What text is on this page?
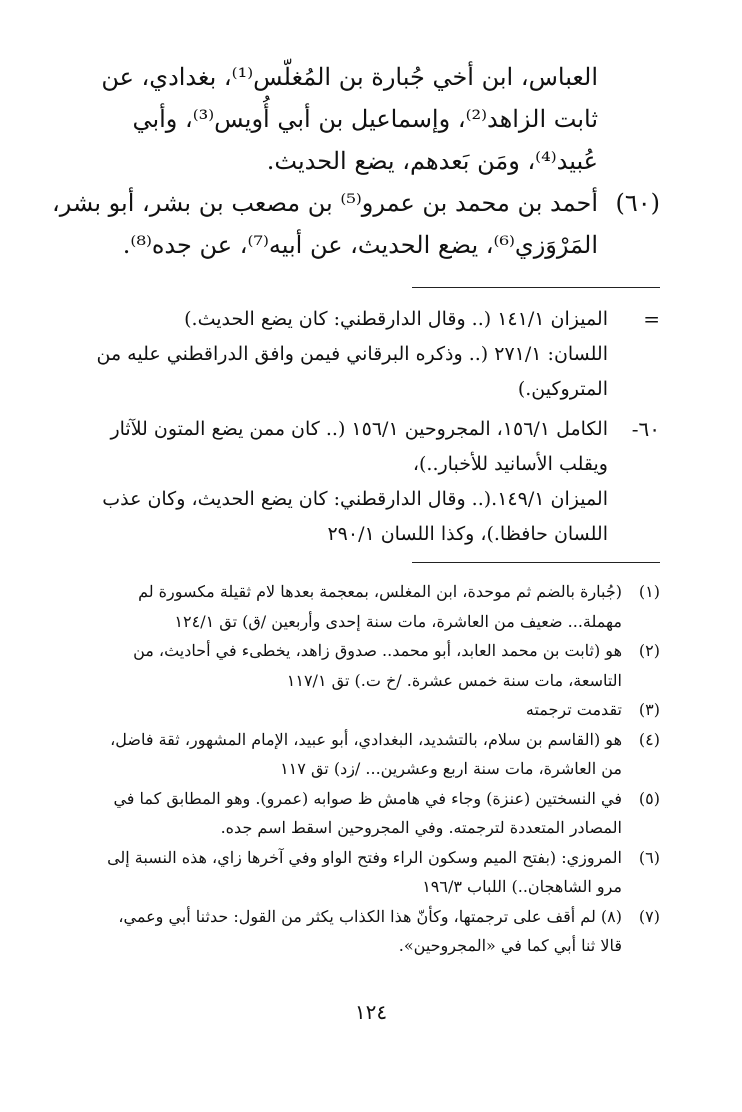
العباس، ابن أخي جُبارة بن المُغلّس⁽¹⁾، بغدادي، عن
ثابت الزاهد⁽²⁾، وإسماعيل بن أبي أُويس⁽³⁾، وأبي
عُبيد⁽⁴⁾، ومَن بَعدهم، يضع الحديث.
(٦٠)
أحمد بن محمد بن عمرو⁽⁵⁾ بن مصعب بن بشر، أبو بشر،
المَرْوَزي⁽⁶⁾، يضع الحديث، عن أبيه⁽⁷⁾، عن جده⁽⁸⁾.
=
الميزان ١٤١/١ (.. وقال الدارقطني: كان يضع الحديث.)
اللسان: ٢٧١/١ (.. وذكره البرقاني فيمن وافق الدراقطني عليه من
المتروكين.)
٦٠-
الكامل ١٥٦/١، المجروحين ١٥٦/١ (.. كان ممن يضع المتون للآثار
ويقلب الأسانيد للأخبار..)،
الميزان ١٤٩/١.(.. وقال الدارقطني: كان يضع الحديث، وكان عذب
اللسان حافظا.)، وكذا اللسان ٢٩٠/١
(١)
(جُبارة بالضم ثم موحدة، ابن المغلس، بمعجمة بعدها لام ثقيلة مكسورة لم
مهملة... ضعيف من العاشرة، مات سنة إحدى وأربعين /ق) تق ١٢٤/١
(٢)
هو (ثابت بن محمد العابد، أبو محمد.. صدوق زاهد، يخطىء في أحاديث، من
التاسعة، مات سنة خمس عشرة. /خ ت.) تق ١١٧/١
(٣)
تقدمت ترجمته
(٤)
هو (القاسم بن سلام، بالتشديد، البغدادي، أبو عبيد، الإمام المشهور، ثقة فاضل،
من العاشرة، مات سنة اربع وعشرين... /زد) تق ١١٧
(٥)
في النسختين (عنزة) وجاء في هامش ظ صوابه (عمرو). وهو المطابق كما في
المصادر المتعددة لترجمته. وفي المجروحين اسقط اسم جده.
(٦)
المروزي: (بفتح الميم وسكون الراء وفتح الواو وفي آخرها زاي، هذه النسبة إلى
مرو الشاهجان..) اللباب ١٩٦/٣
(٧)
(٨) لم أقف على ترجمتها، وكأنّ هذا الكذاب يكثر من القول: حدثنا أبي وعمي،
قالا ثنا أبي كما في «المجروحين».
١٢٤
